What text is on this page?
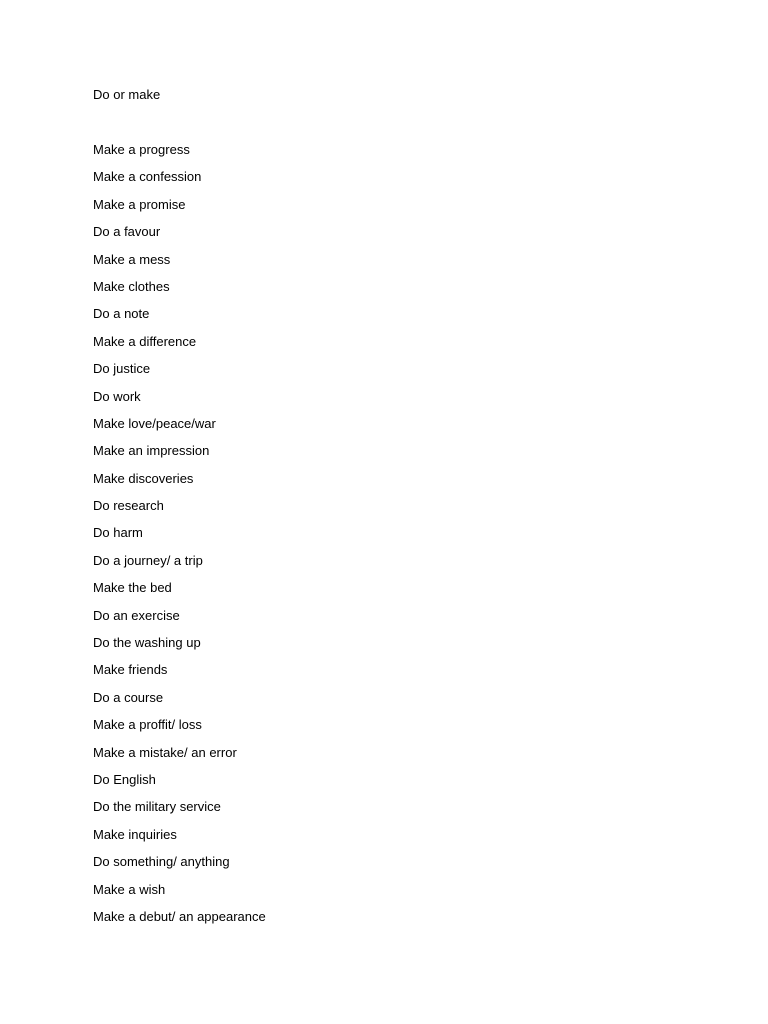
Do or make
Make a progress
Make a confession
Make a promise
Do a favour
Make a mess
Make clothes
Do a note
Make a difference
Do justice
Do work
Make love/peace/war
Make an impression
Make discoveries
Do research
Do harm
Do a journey/ a trip
Make the bed
Do an exercise
Do the washing up
Make friends
Do a course
Make a proffit/ loss
Make a mistake/ an error
Do English
Do the military service
Make inquiries
Do something/ anything
Make a wish
Make a debut/ an appearance
